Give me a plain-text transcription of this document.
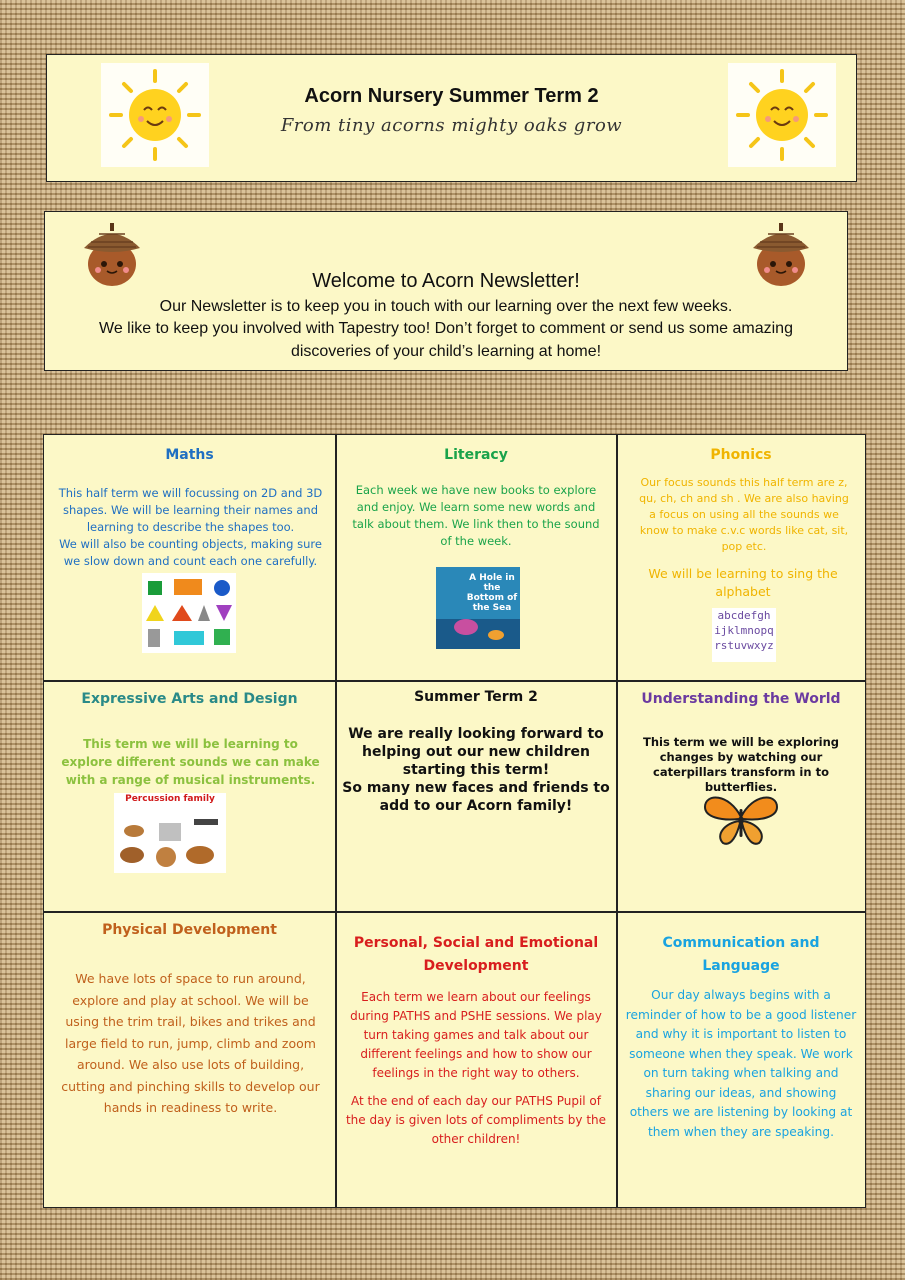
Acorn Nursery Summer Term 2
From tiny acorns mighty oaks grow
Welcome to Acorn Newsletter!
Our Newsletter is to keep you in touch with our learning over the next few weeks.
We like to keep you involved with Tapestry too! Don’t forget to comment or send us some amazing
discoveries of your child’s learning at home!
Maths
This half term we will focussing on 2D and 3D shapes. We will be learning their names and learning to describe the shapes too.
We will also be counting objects, making sure we slow down and count each one carefully.
Literacy
Each week we have new books to explore and enjoy. We learn some new words and talk about them. We link then to the sound of the week.
A Hole in the Bottom of the Sea
Phonics
Our focus sounds this half term are z, qu, ch, ch and sh . We are also having a focus on using all the sounds we know to make c.v.c words like cat, sit, pop etc.
We will be learning to sing the alphabet
abcdefgh
ijklmnopq
rstuvwxyz
Expressive Arts and Design
This term we will be learning to explore different sounds we can make with a range of musical instruments.
Percussion family
Summer Term 2
We are really looking forward to helping out our new children starting this term!
So many new faces and friends to add to our Acorn family!
Understanding the World
This term we will be exploring changes by watching our caterpillars transform in to butterflies.
Physical Development
We have lots of space to run around, explore and play at school. We will be using the trim trail, bikes and trikes and large field to run, jump, climb and zoom around. We also use lots of building, cutting and pinching skills to develop our hands in readiness to write.
Personal, Social and Emotional Development
Each term we learn about our feelings during PATHS and PSHE sessions. We play turn taking games and talk about our different feelings and how to show our feelings in the right way to others.
At the end of each day our PATHS Pupil of the day is given lots of compliments by the other children!
Communication and Language
Our day always begins with a reminder of how to be a good listener and why it is important to listen to someone when they speak. We work on turn taking when talking and sharing our ideas, and showing others we are listening by looking at them when they are speaking.
